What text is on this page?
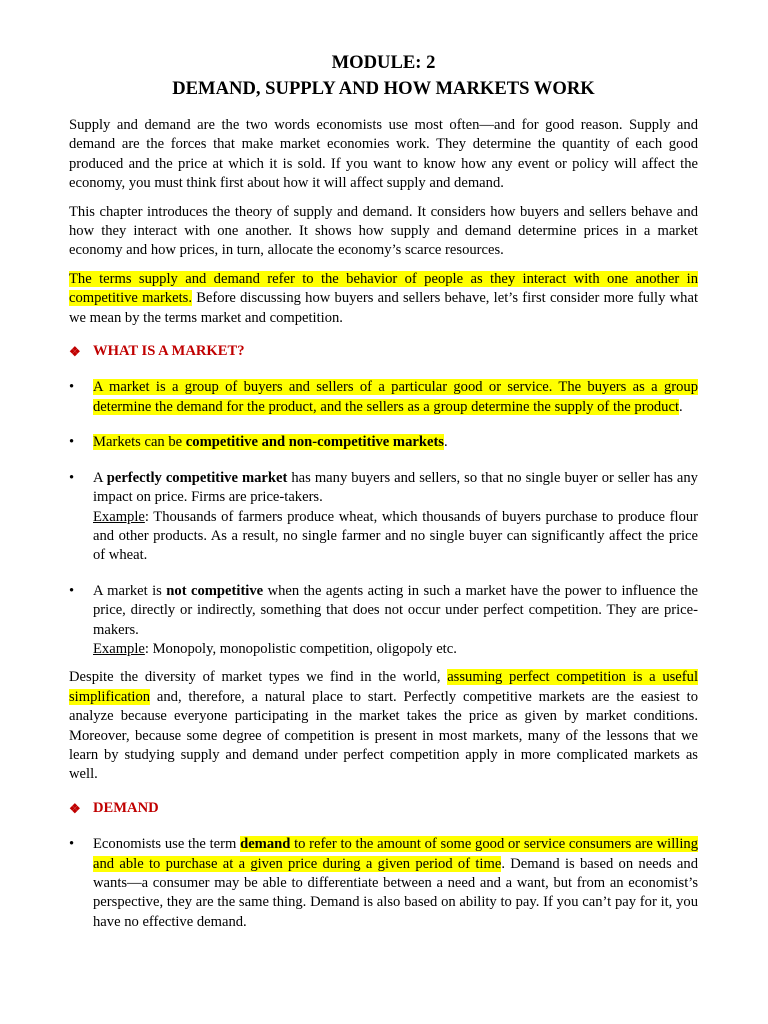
MODULE: 2
DEMAND, SUPPLY AND HOW MARKETS WORK

Supply and demand are the two words economists use most often—and for good reason. Supply and demand are the forces that make market economies work. They determine the quantity of each good produced and the price at which it is sold. If you want to know how any event or policy will affect the economy, you must think first about how it will affect supply and demand.

This chapter introduces the theory of supply and demand. It considers how buyers and sellers behave and how they interact with one another. It shows how supply and demand determine prices in a market economy and how prices, in turn, allocate the economy’s scarce resources.

The terms supply and demand refer to the behavior of people as they interact with one another in competitive markets. Before discussing how buyers and sellers behave, let’s first consider more fully what we mean by the terms market and competition.

❖ WHAT IS A MARKET?
•	A market is a group of buyers and sellers of a particular good or service. The buyers as a group determine the demand for the product, and the sellers as a group determine the supply of the product.
•	Markets can be competitive and non-competitive markets.
•	A perfectly competitive market has many buyers and sellers, so that no single buyer or seller has any impact on price. Firms are price-takers.
Example: Thousands of farmers produce wheat, which thousands of buyers purchase to produce flour and other products. As a result, no single farmer and no single buyer can significantly affect the price of wheat.
•	A market is not competitive when the agents acting in such a market have the power to influence the price, directly or indirectly, something that does not occur under perfect competition. They are price-makers.
Example: Monopoly, monopolistic competition, oligopoly etc.

Despite the diversity of market types we find in the world, assuming perfect competition is a useful simplification and, therefore, a natural place to start. Perfectly competitive markets are the easiest to analyze because everyone participating in the market takes the price as given by market conditions. Moreover, because some degree of competition is present in most markets, many of the lessons that we learn by studying supply and demand under perfect competition apply in more complicated markets as well.

❖ DEMAND
•	Economists use the term demand to refer to the amount of some good or service consumers are willing and able to purchase at a given price during a given period of time. Demand is based on needs and wants—a consumer may be able to differentiate between a need and a want, but from an economist’s perspective, they are the same thing. Demand is also based on ability to pay. If you can’t pay for it, you have no effective demand.
